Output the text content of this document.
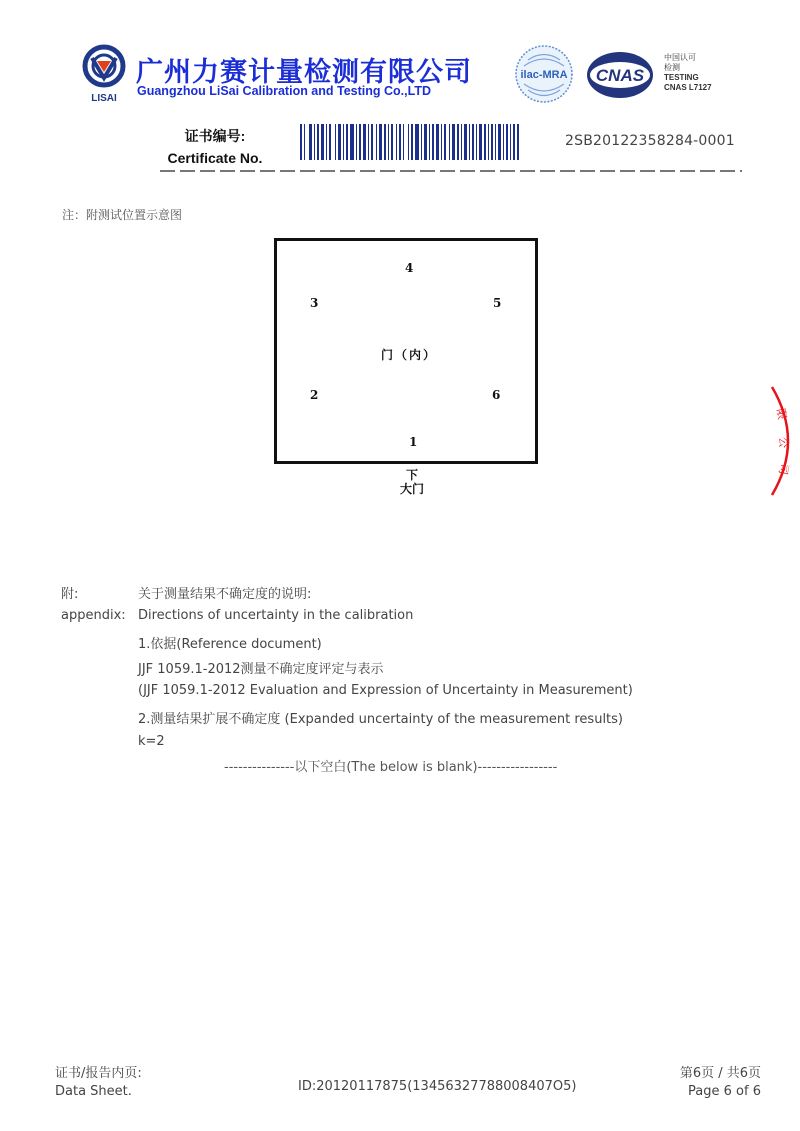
LISAI
广州力赛计量检测有限公司
Guangzhou LiSai Calibration and Testing Co.,LTD
ilac-MRA CNAS
中国认可
检测
TESTING
CNAS L7127
证书编号:
Certificate No.
2SB20122358284-0001
注：附测试位置示意图
4
3	5
门（内）
2	6
1
下
大门
限
公
司
附:	关于测量结果不确定度的说明:
appendix: Directions of uncertainty in the calibration
1.依据(Reference document)
JJF 1059.1-2012测量不确定度评定与表示
(JJF 1059.1-2012 Evaluation and Expression of Uncertainty in Measurement)
2.测量结果扩展不确定度 (Expanded uncertainty of the measurement results)
k=2
---------------以下空白(The below is blank)-----------------
证书/报告内页:
Data Sheet.	ID:20120117875(13456327788008407O5)
第6页 / 共6页
Page 6 of 6
